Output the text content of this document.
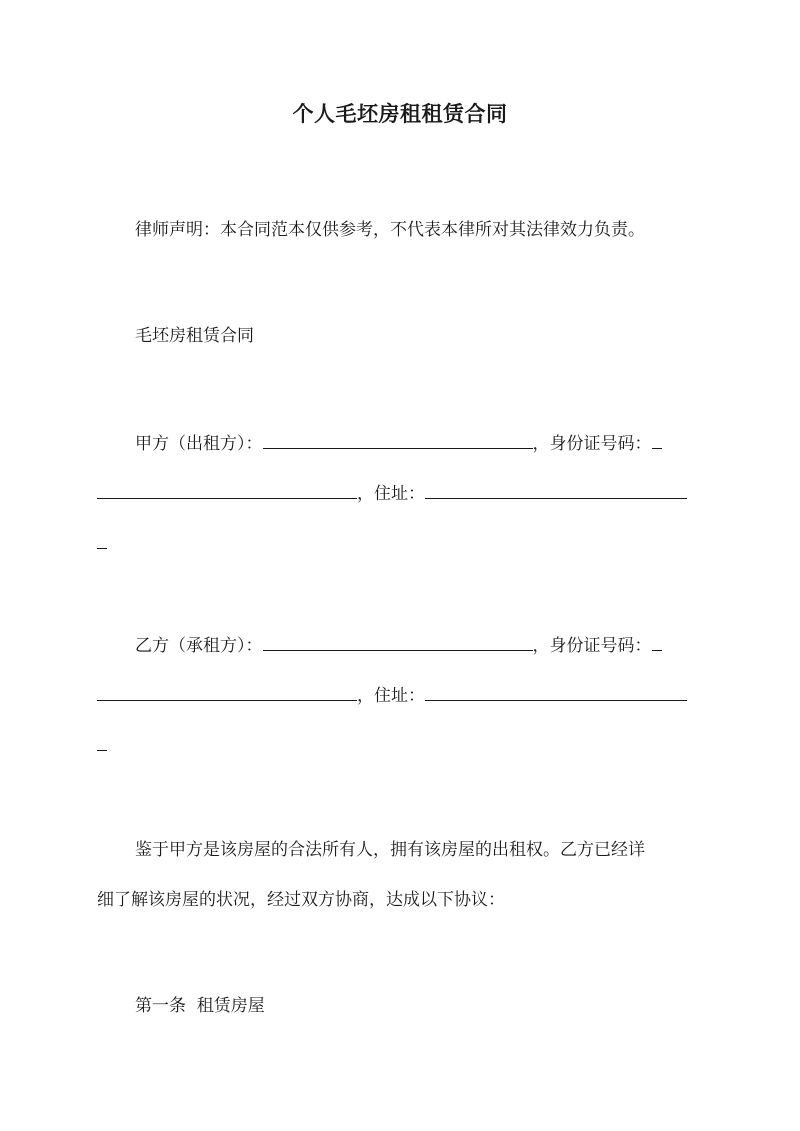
个人毛坯房租租赁合同
律师声明：本合同范本仅供参考，不代表本律所对其法律效力负责。
毛坯房租赁合同
甲方（出租方）：	，身份证号码：
，住址：
乙方（承租方）：	，身份证号码：
，住址：
鉴于甲方是该房屋的合法所有人，拥有该房屋的出租权。乙方已经详
细了解该房屋的状况，经过双方协商，达成以下协议：
第一条  租赁房屋
